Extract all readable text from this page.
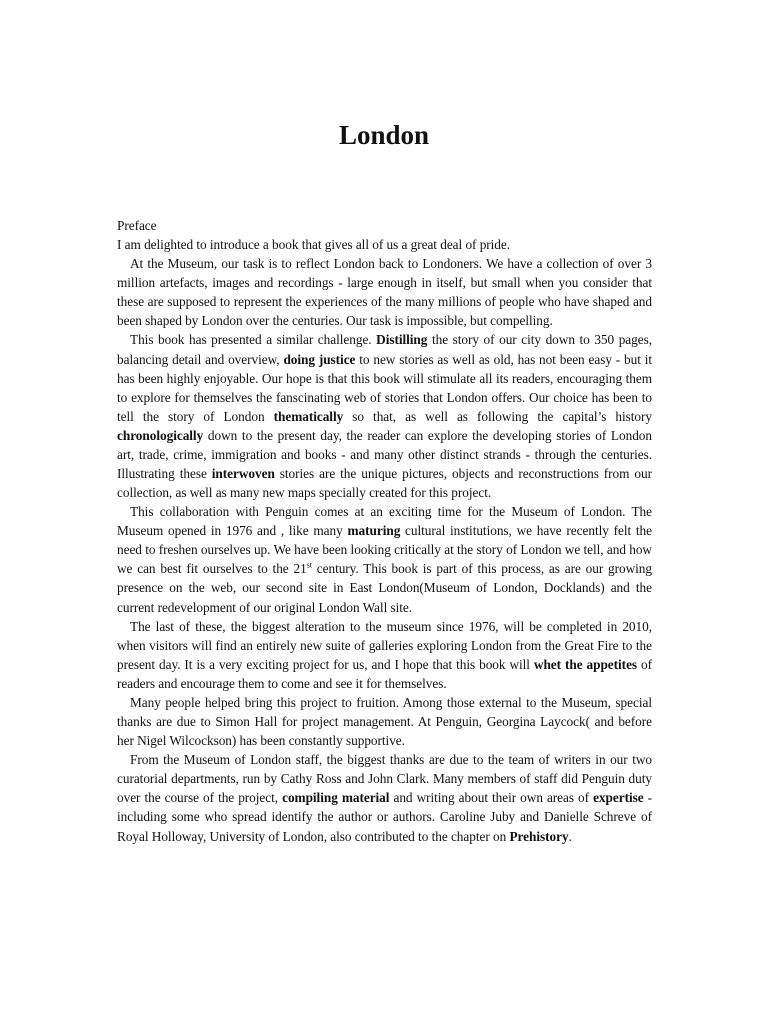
London

Preface

I am delighted to introduce a book that gives all of us a great deal of pride.

At the Museum, our task is to reflect London back to Londoners. We have a collection of over 3 million artefacts, images and recordings - large enough in itself, but small when you consider that these are supposed to represent the experiences of the many millions of people who have shaped and been shaped by London over the centuries. Our task is impossible, but compelling.

This book has presented a similar challenge. Distilling the story of our city down to 350 pages, balancing detail and overview, doing justice to new stories as well as old, has not been easy - but it has been highly enjoyable. Our hope is that this book will stimulate all its readers, encouraging them to explore for themselves the fanscinating web of stories that London offers. Our choice has been to tell the story of London thematically so that, as well as following the capital’s history chronologically down to the present day, the reader can explore the developing stories of London art, trade, crime, immigration and books - and many other distinct strands - through the centuries. Illustrating these interwoven stories are the unique pictures, objects and reconstructions from our collection, as well as many new maps specially created for this project.

This collaboration with Penguin comes at an exciting time for the Museum of London. The Museum opened in 1976 and , like many maturing cultural institutions, we have recently felt the need to freshen ourselves up. We have been looking critically at the story of London we tell, and how we can best fit ourselves to the 21st century. This book is part of this process, as are our growing presence on the web, our second site in East London(Museum of London, Docklands) and the current redevelopment of our original London Wall site.

The last of these, the biggest alteration to the museum since 1976, will be completed in 2010, when visitors will find an entirely new suite of galleries exploring London from the Great Fire to the present day. It is a very exciting project for us, and I hope that this book will whet the appetites of readers and encourage them to come and see it for themselves.

Many people helped bring this project to fruition. Among those external to the Museum, special thanks are due to Simon Hall for project management. At Penguin, Georgina Laycock( and before her Nigel Wilcockson) has been constantly supportive.

From the Museum of London staff, the biggest thanks are due to the team of writers in our two curatorial departments, run by Cathy Ross and John Clark. Many members of staff did Penguin duty over the course of the project, compiling material and writing about their own areas of expertise - including some who spread identify the author or authors. Caroline Juby and Danielle Schreve of Royal Holloway, University of London, also contributed to the chapter on Prehistory.
